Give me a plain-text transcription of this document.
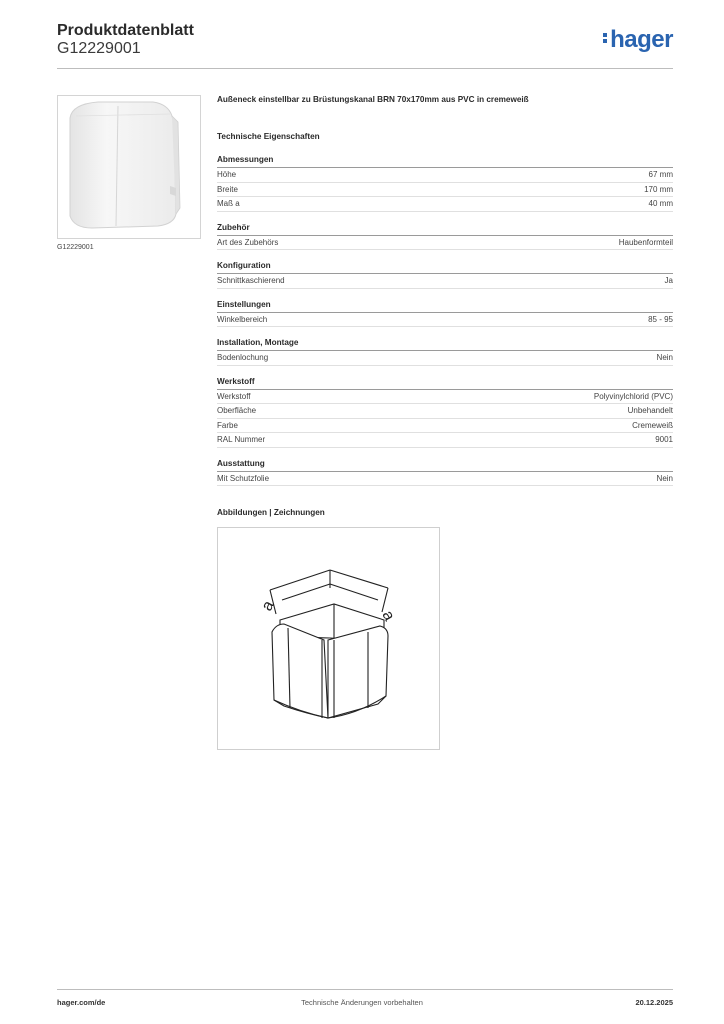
Produktdatenblatt
G12229001	hager
G12229001
Außeneck einstellbar zu Brüstungskanal BRN 70x170mm aus PVC in cremeweiß
Technische Eigenschaften
Abmessungen
Höhe	67 mm
Breite	170 mm
Maß a	40 mm
Zubehör
Art des Zubehörs	Haubenformteil
Konfiguration
Schnittkaschierend	Ja
Einstellungen
Winkelbereich	85 - 95
Installation, Montage
Bodenlochung	Nein
Werkstoff
Werkstoff	Polyvinylchlorid (PVC)
Oberfläche	Unbehandelt
Farbe	Cremeweiß
RAL Nummer	9001
Ausstattung
Mit Schutzfolie	Nein
Abbildungen | Zeichnungen
a
a
hager.com/de	Technische Änderungen vorbehalten	20.12.2025
